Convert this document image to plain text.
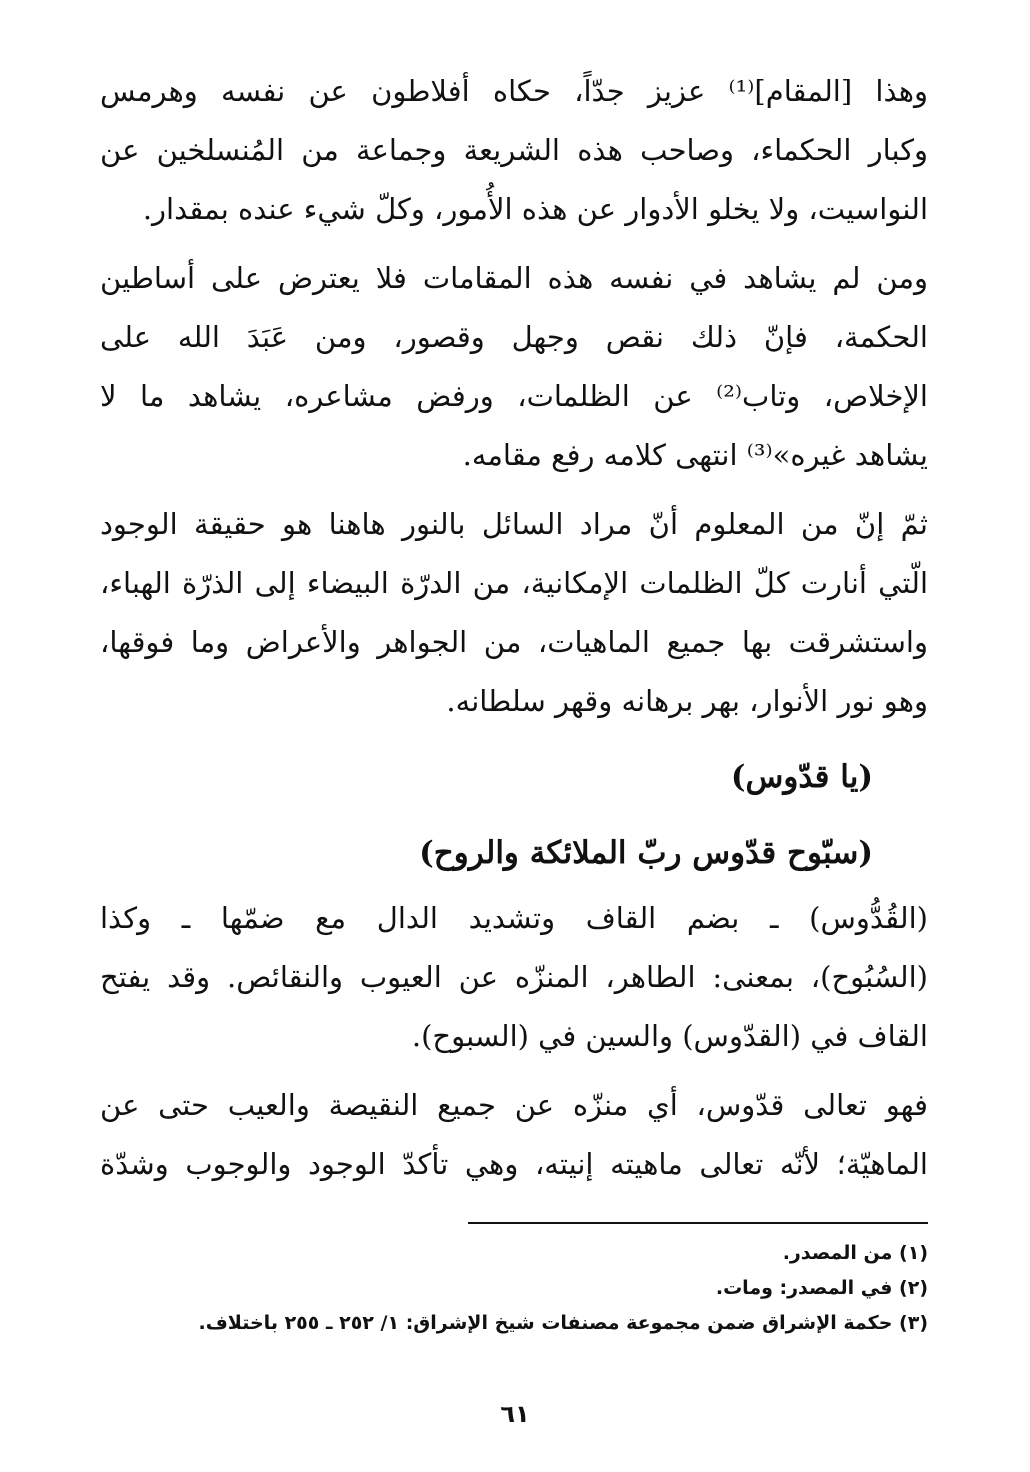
وهذا [المقام]⁽¹⁾ عزيز جدّاً، حكاه أفلاطون عن نفسه وهرمس
وكبار الحكماء، وصاحب هذه الشريعة وجماعة من المُنسلخين عن
النواسيت، ولا يخلو الأدوار عن هذه الأُمور، وكلّ شيء عنده بمقدار.
ومن لم يشاهد في نفسه هذه المقامات فلا يعترض على أساطين
الحكمة، فإنّ ذلك نقص وجهل وقصور، ومن عَبَدَ الله على
الإخلاص، وتاب⁽²⁾ عن الظلمات، ورفض مشاعره، يشاهد ما لا
يشاهد غيره»⁽³⁾ انتهى كلامه رفع مقامه.
ثمّ إنّ من المعلوم أنّ مراد السائل بالنور هاهنا هو حقيقة الوجود
الّتي أنارت كلّ الظلمات الإمكانية، من الدرّة البيضاء إلى الذرّة الهباء،
واستشرقت بها جميع الماهيات، من الجواهر والأعراض وما فوقها،
وهو نور الأنوار، بهر برهانه وقهر سلطانه.
(يا قدّوس)
(سبّوح قدّوس ربّ الملائكة والروح)
(القُدُّوس) ـ بضم القاف وتشديد الدال مع ضمّها ـ وكذا
(السُبُوح)، بمعنى: الطاهر، المنزّه عن العيوب والنقائص. وقد يفتح
القاف في (القدّوس) والسين في (السبوح).
فهو تعالى قدّوس، أي منزّه عن جميع النقيصة والعيب حتى عن
الماهيّة؛ لأنّه تعالى ماهيته إنيته، وهي تأكدّ الوجود والوجوب وشدّة
(١) من المصدر.
(٢) في المصدر: ومات.
(٣) حكمة الإشراق ضمن مجموعة مصنفات شيخ الإشراق: ١/ ٢٥٢ ـ ٢٥٥ باختلاف.
٦١
